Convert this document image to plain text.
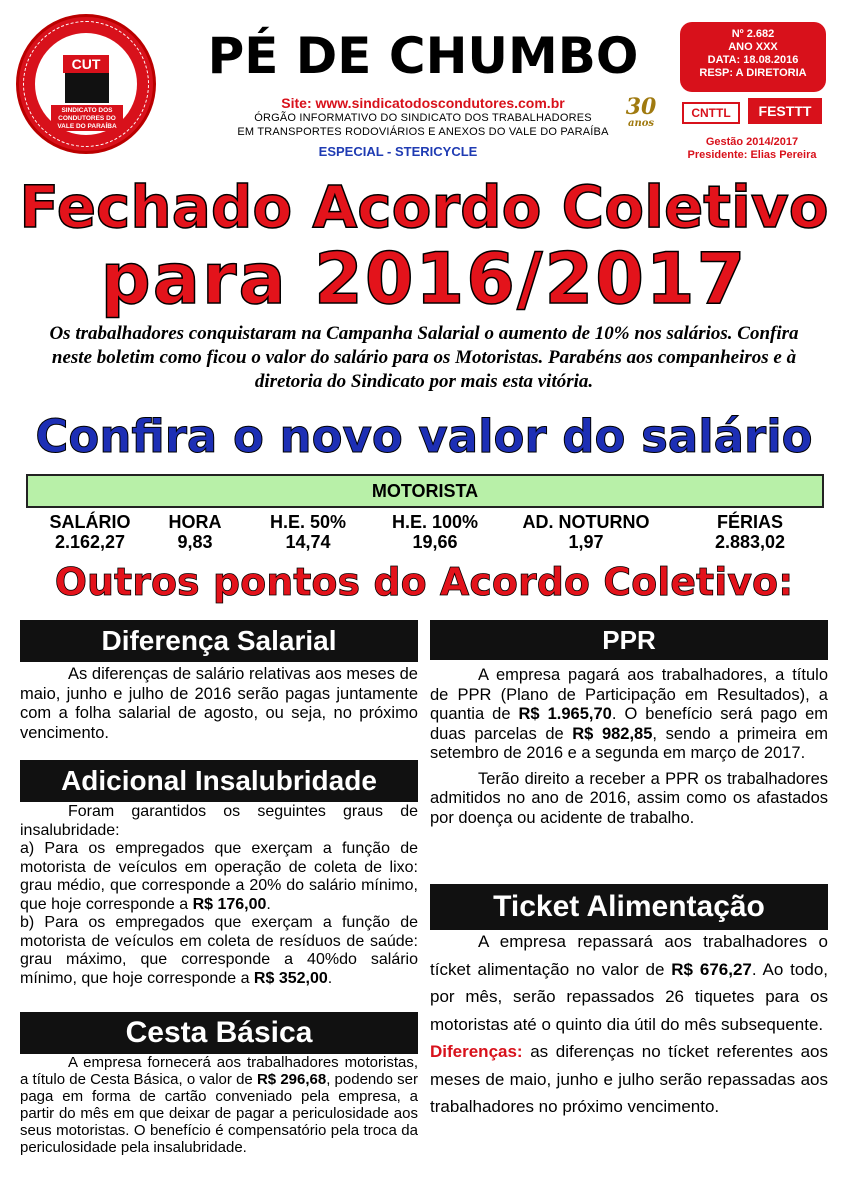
CUT
SINDICATO DOS CONDUTORES DO VALE DO PARAÍBA
PÉ DE CHUMBO
Site: www.sindicatodoscondutores.com.br
ÓRGÃO INFORMATIVO DO SINDICATO DOS TRABALHADORES
EM TRANSPORTES RODOVIÁRIOS E ANEXOS DO VALE DO PARAÍBA
ESPECIAL - STERICYCLE
30
anos
Nº 2.682
ANO XXX
DATA: 18.08.2016
RESP: A DIRETORIA
CNTTL	FESTTT
Gestão 2014/2017
Presidente: Elias Pereira
Fechado Acordo Coletivo
para 2016/2017
Os trabalhadores conquistaram na Campanha Salarial o aumento de 10% nos salários. Confira neste boletim como ficou o valor do salário para os Motoristas. Parabéns aos companheiros e à diretoria do Sindicato por mais esta vitória.
Confira o novo valor do salário
MOTORISTA
SALÁRIO
2.162,27
HORA
9,83
H.E. 50%
14,74
H.E. 100%
19,66
AD. NOTURNO
1,97
FÉRIAS
2.883,02
Outros pontos do Acordo Coletivo:
Diferença Salarial
As diferenças de salário relativas aos meses de maio, junho e julho de 2016 serão pagas juntamente com a folha salarial de agosto, ou seja, no próximo vencimento.
Adicional Insalubridade
Foram garantidos os seguintes graus de insalubridade:
a) Para os empregados que exerçam a função de motorista de veículos em operação de coleta de lixo: grau médio, que corresponde a 20% do salário mínimo, que hoje corresponde a R$ 176,00.
b) Para os empregados que exerçam a função de motorista de veículos em coleta de resíduos de saúde: grau máximo, que corresponde a 40%do salário mínimo, que hoje corresponde a R$ 352,00.
Cesta Básica
A empresa fornecerá aos trabalhadores motoristas, a título de Cesta Básica, o valor de R$ 296,68, podendo ser paga em forma de cartão conveniado pela empresa, a partir do mês em que deixar de pagar a periculosidade aos seus motoristas. O benefício é compensatório pela troca da periculosidade pela insalubridade.
PPR
A empresa pagará aos trabalhadores, a título de PPR (Plano de Participação em Resultados), a quantia de R$ 1.965,70. O benefício será pago em duas parcelas de R$ 982,85, sendo a primeira em setembro de 2016 e a segunda em março de 2017.
Terão direito a receber a PPR os trabalhadores admitidos no ano de 2016, assim como os afastados por doença ou acidente de trabalho.
Ticket Alimentação
A empresa repassará aos trabalhadores o tícket alimentação no valor de R$ 676,27. Ao todo, por mês, serão repassados 26 tiquetes para os motoristas até o quinto dia útil do mês subsequente.
Diferenças: as diferenças no tícket referentes aos meses de maio, junho e julho serão repassadas aos trabalhadores no próximo vencimento.
